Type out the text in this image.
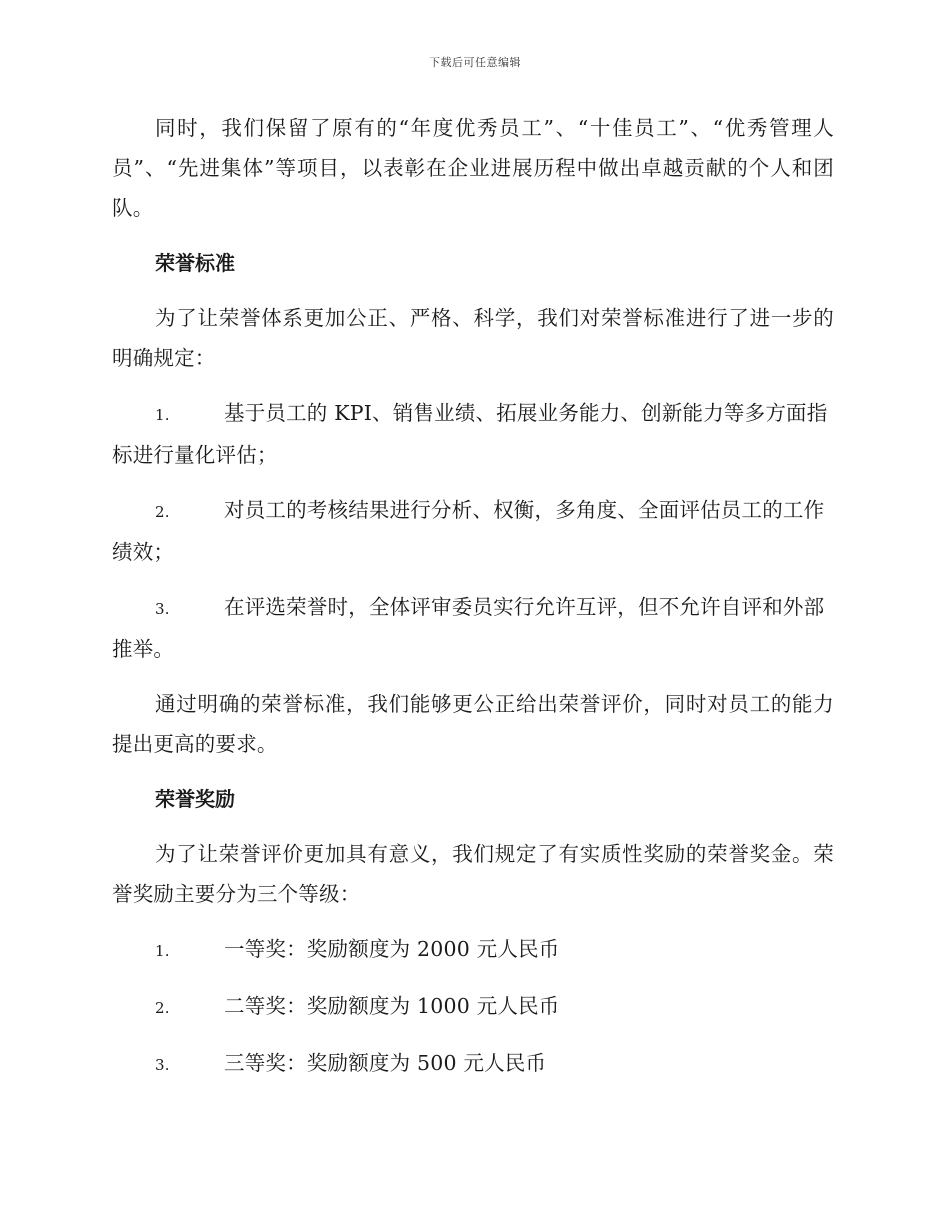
下载后可任意编辑

同时，我们保留了原有的“年度优秀员工”、“十佳员工”、“优秀管理人员”、“先进集体”等项目，以表彰在企业进展历程中做出卓越贡献的个人和团队。

荣誉标准

为了让荣誉体系更加公正、严格、科学，我们对荣誉标准进行了进一步的明确规定：

1.	基于员工的 KPI、销售业绩、拓展业务能力、创新能力等多方面指标进行量化评估；
2.	对员工的考核结果进行分析、权衡，多角度、全面评估员工的工作绩效；
3.	在评选荣誉时，全体评审委员实行允许互评，但不允许自评和外部推举。

通过明确的荣誉标准，我们能够更公正给出荣誉评价，同时对员工的能力提出更高的要求。

荣誉奖励

为了让荣誉评价更加具有意义，我们规定了有实质性奖励的荣誉奖金。荣誉奖励主要分为三个等级：

1.	一等奖：奖励额度为 2000 元人民币
2.	二等奖：奖励额度为 1000 元人民币
3.	三等奖：奖励额度为 500 元人民币
